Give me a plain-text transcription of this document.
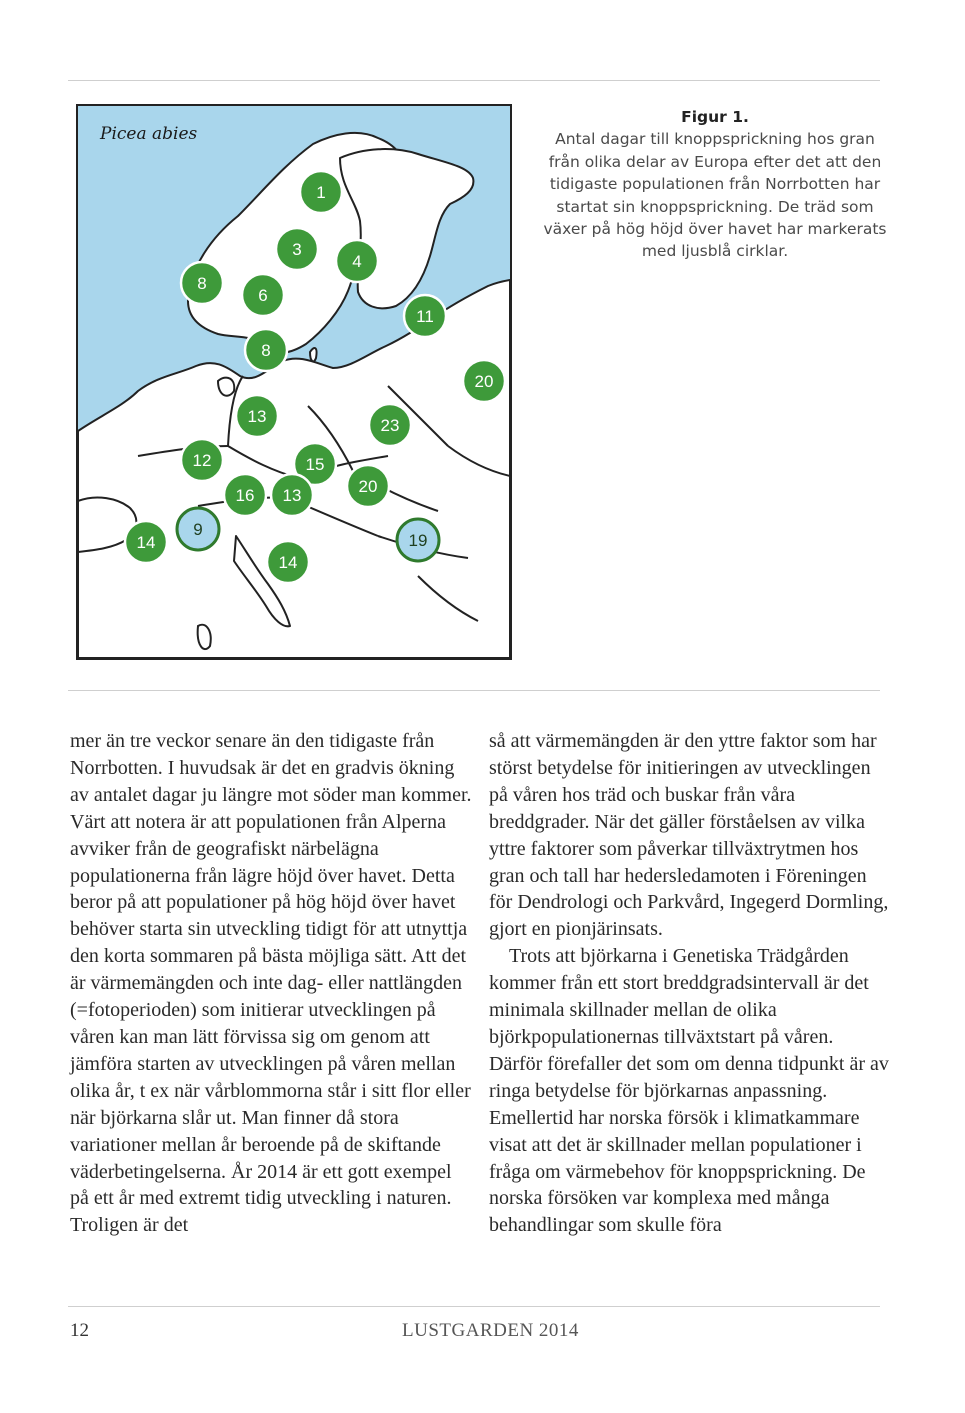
1
3
4
8
6
11
8
20
13	23
12	15
20
16 13
14
9
19
14
Picea abies
Figur 1.
Antal dagar till knoppsprickning hos gran från olika delar av Europa efter det att den tidigaste populationen från Norrbotten har startat sin knoppsprickning. De träd som växer på hög höjd över havet har markerats med ljusblå cirklar.

mer än tre veckor senare än den tidigaste från Norrbotten. I huvudsak är det en gradvis ökning av antalet dagar ju längre mot söder man kommer. Värt att notera är att populationen från Alperna avviker från de geografiskt närbelägna populationerna från lägre höjd över havet. Detta beror på att populationer på hög höjd över havet behöver starta sin utveckling tidigt för att utnyttja den korta sommaren på bästa möjliga sätt. Att det är värmemängden och inte dag- eller nattlängden (=fotoperioden) som initierar utvecklingen på våren kan man lätt förvissa sig om genom att jämföra starten av utvecklingen på våren mellan olika år, t ex när vårblommorna står i sitt flor eller när björkarna slår ut. Man finner då stora variationer mellan år beroende på de skiftande väderbetingelserna. År 2014 är ett gott exempel på ett år med extremt tidig utveckling i naturen. Troligen är det

så att värmemängden är den yttre faktor som har störst betydelse för initieringen av utvecklingen på våren hos träd och buskar från våra breddgrader. När det gäller förståelsen av vilka yttre faktorer som påverkar tillväxtrytmen hos gran och tall har hedersledamoten i Föreningen för Dendrologi och Parkvård, Ingegerd Dormling, gjort en pionjärinsats.

Trots att björkarna i Genetiska Trädgården kommer från ett stort breddgradsintervall är det minimala skillnader mellan de olika björkpopulationernas tillväxtstart på våren. Därför förefaller det som om denna tidpunkt är av ringa betydelse för björkarnas anpassning. Emellertid har norska försök i klimatkammare visat att det är skillnader mellan populationer i fråga om värmebehov för knoppsprickning. De norska försöken var komplexa med många behandlingar som skulle föra

12	LUSTGARDEN 2014
